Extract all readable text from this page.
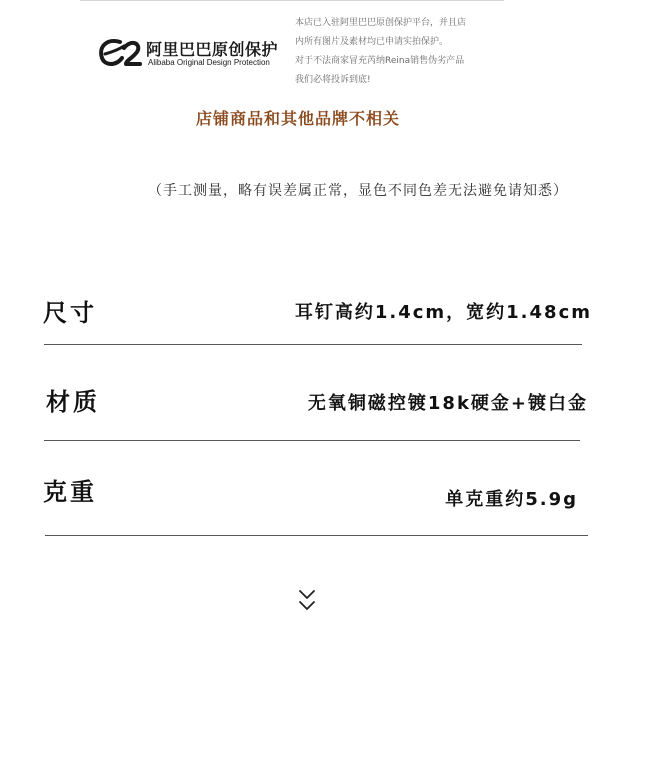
阿里巴巴原创保护
Alibaba Original Design Protection
本店已入驻阿里巴巴原创保护平台，并且店
内所有图片及素材均已申请实拍保护。
对于不法商家冒充芮纳Reina销售伪劣产品
我们必将投诉到底!
店铺商品和其他品牌不相关
（手工测量，略有误差属正常，显色不同色差无法避免请知悉）
尺寸	耳钉高约1.4cm，宽约1.48cm
材质	无氧铜磁控镀18k硬金+镀白金
克重	单克重约5.9g
